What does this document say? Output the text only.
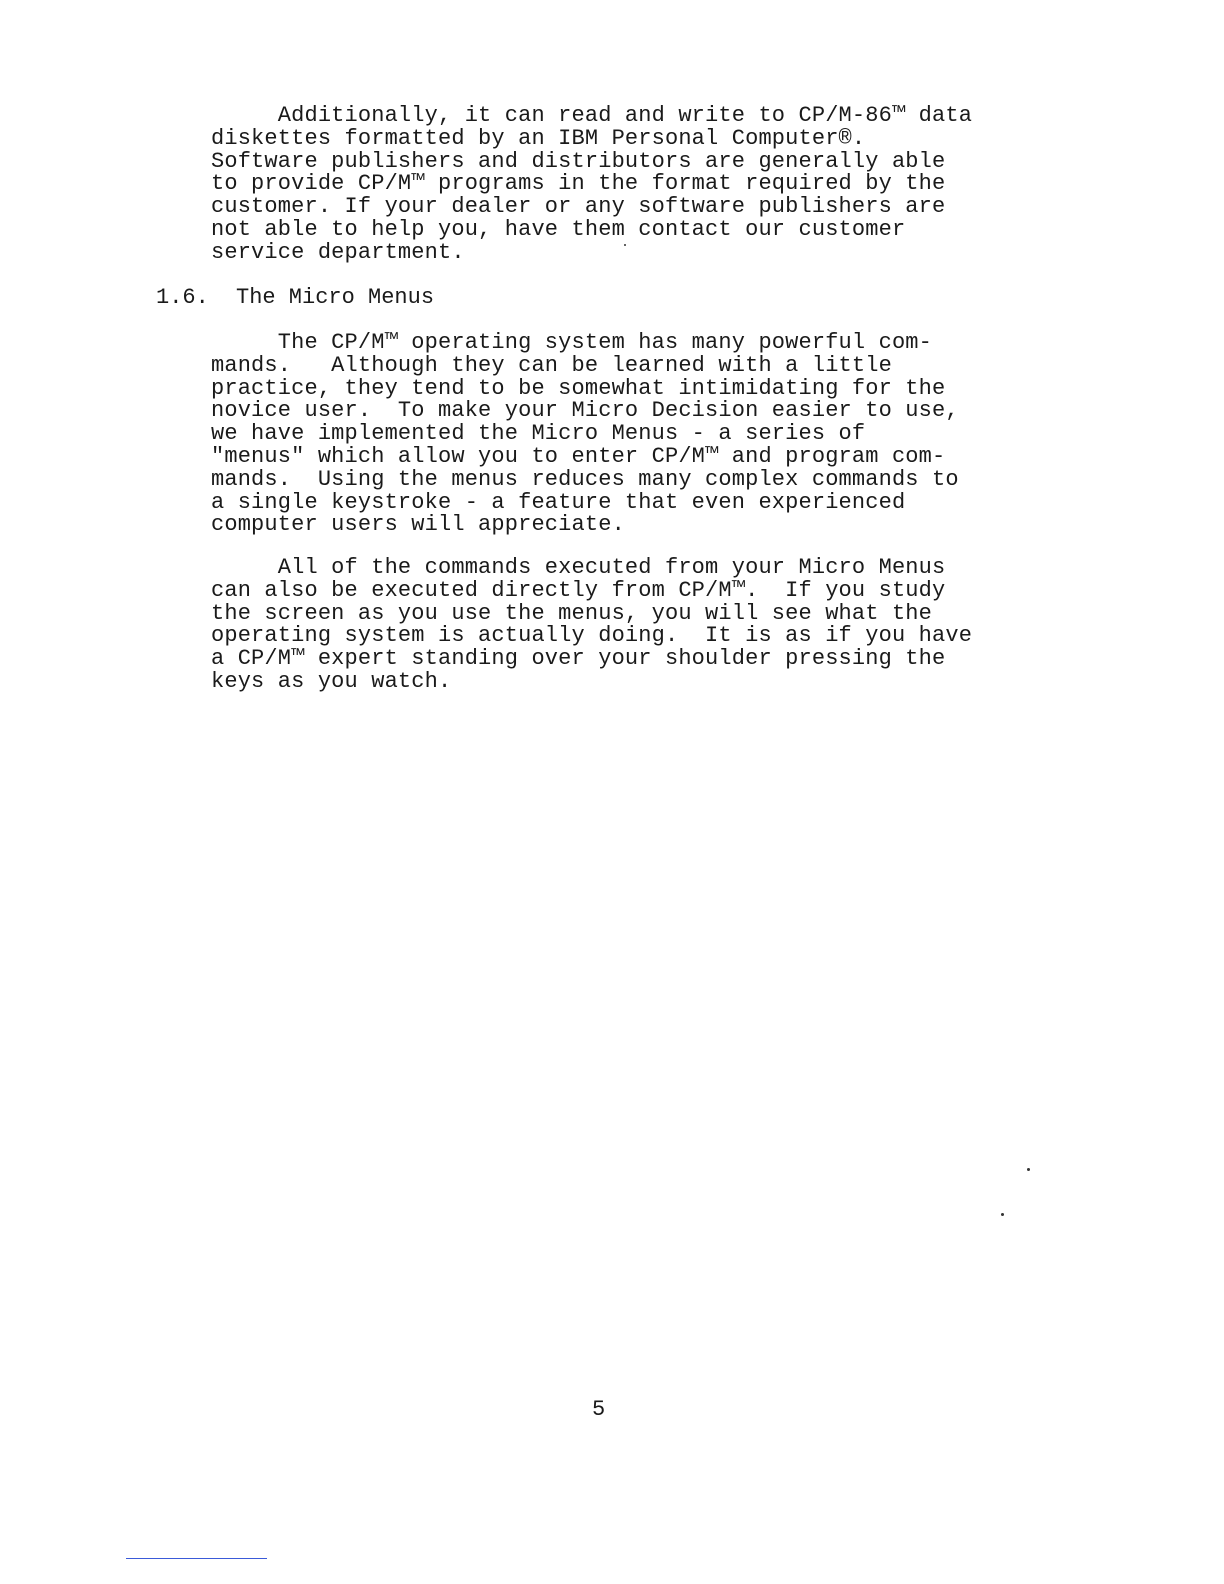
Additionally, it can read and write to CP/M-86™ data
diskettes formatted by an IBM Personal Computer®.
Software publishers and distributors are generally able
to provide CP/M™ programs in the format required by the
customer. If your dealer or any software publishers are
not able to help you, have them contact our customer
service department.

1.6. The Micro Menus

The CP/M™ operating system has many powerful com-
mands.   Although they can be learned with a little
practice, they tend to be somewhat intimidating for the
novice user.  To make your Micro Decision easier to use,
we have implemented the Micro Menus - a series of
"menus" which allow you to enter CP/M™ and program com-
mands.  Using the menus reduces many complex commands to
a single keystroke - a feature that even experienced
computer users will appreciate.

All of the commands executed from your Micro Menus
can also be executed directly from CP/M™.  If you study
the screen as you use the menus, you will see what the
operating system is actually doing.  It is as if you have
a CP/M™ expert standing over your shoulder pressing the
keys as you watch.

5
